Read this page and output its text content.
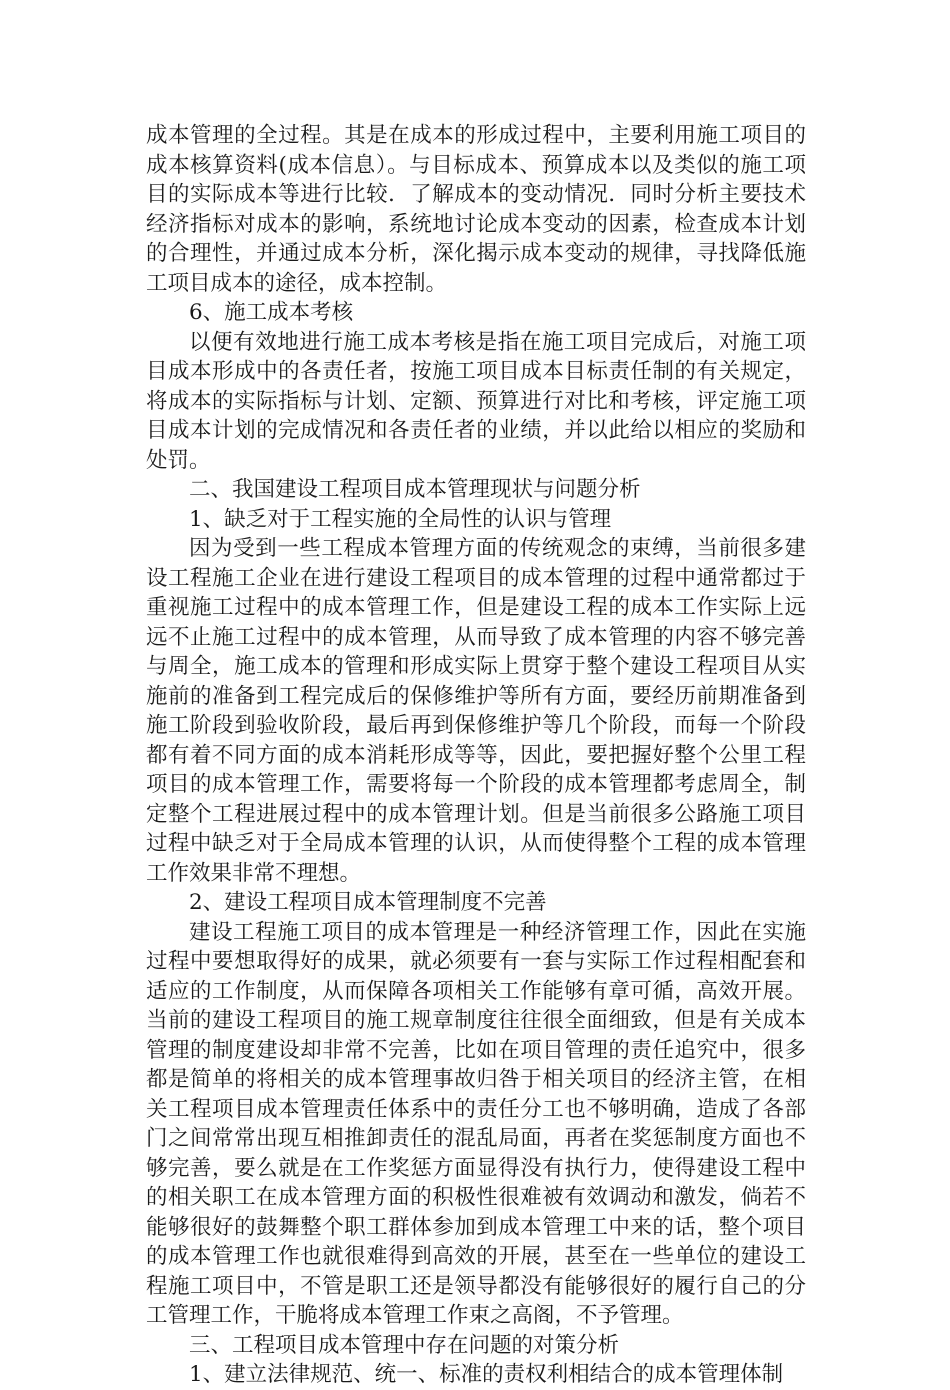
成本管理的全过程。其是在成本的形成过程中，主要利用施工项目的成本核算资料(成本信息）。与目标成本、预算成本以及类似的施工项目的实际成本等进行比较．了解成本的变动情况．同时分析主要技术经济指标对成本的影响，系统地讨论成本变动的因素，检查成本计划的合理性，并通过成本分析，深化揭示成本变动的规律，寻找降低施工项目成本的途径，成本控制。

6、施工成本考核

以便有效地进行施工成本考核是指在施工项目完成后，对施工项目成本形成中的各责任者，按施工项目成本目标责任制的有关规定，将成本的实际指标与计划、定额、预算进行对比和考核，评定施工项目成本计划的完成情况和各责任者的业绩，并以此给以相应的奖励和处罚。

二、我国建设工程项目成本管理现状与问题分析

1、缺乏对于工程实施的全局性的认识与管理

因为受到一些工程成本管理方面的传统观念的束缚，当前很多建设工程施工企业在进行建设工程项目的成本管理的过程中通常都过于重视施工过程中的成本管理工作，但是建设工程的成本工作实际上远远不止施工过程中的成本管理，从而导致了成本管理的内容不够完善与周全，施工成本的管理和形成实际上贯穿于整个建设工程项目从实施前的准备到工程完成后的保修维护等所有方面，要经历前期准备到施工阶段到验收阶段，最后再到保修维护等几个阶段，而每一个阶段都有着不同方面的成本消耗形成等等，因此，要把握好整个公里工程项目的成本管理工作，需要将每一个阶段的成本管理都考虑周全，制定整个工程进展过程中的成本管理计划。但是当前很多公路施工项目过程中缺乏对于全局成本管理的认识，从而使得整个工程的成本管理工作效果非常不理想。

2、建设工程项目成本管理制度不完善

建设工程施工项目的成本管理是一种经济管理工作，因此在实施过程中要想取得好的成果，就必须要有一套与实际工作过程相配套和适应的工作制度，从而保障各项相关工作能够有章可循，高效开展。当前的建设工程项目的施工规章制度往往很全面细致，但是有关成本管理的制度建设却非常不完善，比如在项目管理的责任追究中，很多都是简单的将相关的成本管理事故归咎于相关项目的经济主管，在相关工程项目成本管理责任体系中的责任分工也不够明确，造成了各部门之间常常出现互相推卸责任的混乱局面，再者在奖惩制度方面也不够完善，要么就是在工作奖惩方面显得没有执行力，使得建设工程中的相关职工在成本管理方面的积极性很难被有效调动和激发，倘若不能够很好的鼓舞整个职工群体参加到成本管理工中来的话，整个项目的成本管理工作也就很难得到高效的开展，甚至在一些单位的建设工程施工项目中，不管是职工还是领导都没有能够很好的履行自己的分工管理工作，干脆将成本管理工作束之高阁，不予管理。

三、工程项目成本管理中存在问题的对策分析

1、建立法律规范、统一、标准的责权利相结合的成本管理体制
